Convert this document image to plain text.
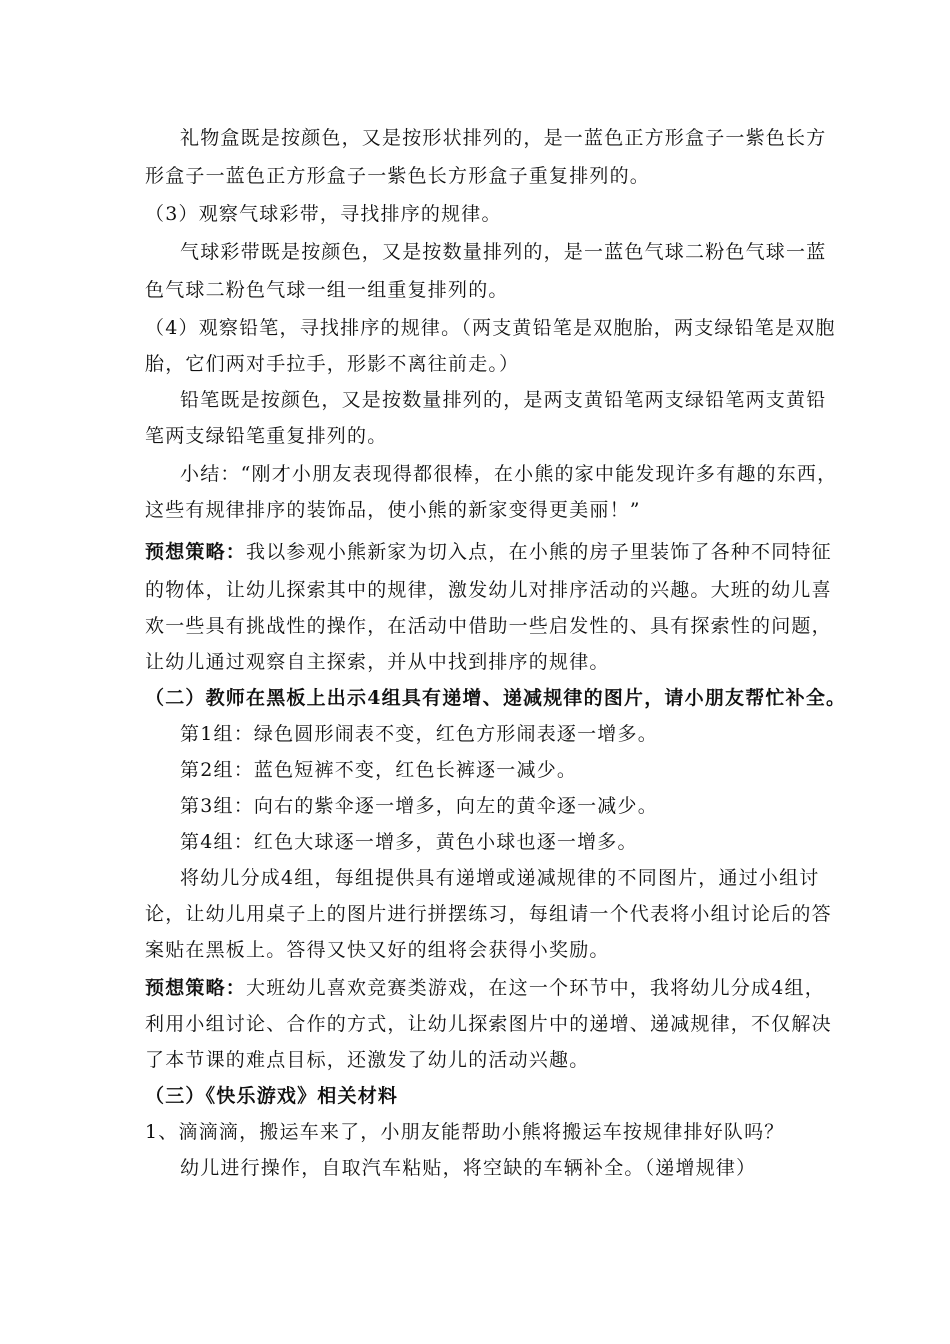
礼物盒既是按颜色，又是按形状排列的，是一蓝色正方形盒子一紫色长方
形盒子一蓝色正方形盒子一紫色长方形盒子重复排列的。
（3）观察气球彩带，寻找排序的规律。
气球彩带既是按颜色，又是按数量排列的，是一蓝色气球二粉色气球一蓝
色气球二粉色气球一组一组重复排列的。
（4）观察铅笔，寻找排序的规律。（两支黄铅笔是双胞胎，两支绿铅笔是双胞
胎，它们两对手拉手，形影不离往前走。）
铅笔既是按颜色，又是按数量排列的，是两支黄铅笔两支绿铅笔两支黄铅
笔两支绿铅笔重复排列的。
小结：“刚才小朋友表现得都很棒，在小熊的家中能发现许多有趣的东西，
这些有规律排序的装饰品，使小熊的新家变得更美丽！”
预想策略：我以参观小熊新家为切入点，在小熊的房子里装饰了各种不同特征
的物体，让幼儿探索其中的规律，激发幼儿对排序活动的兴趣。大班的幼儿喜
欢一些具有挑战性的操作，在活动中借助一些启发性的、具有探索性的问题，
让幼儿通过观察自主探索，并从中找到排序的规律。
（二）教师在黑板上出示4组具有递增、递减规律的图片，请小朋友帮忙补全。
第1组：绿色圆形闹表不变，红色方形闹表逐一增多。
第2组：蓝色短裤不变，红色长裤逐一减少。
第3组：向右的紫伞逐一增多，向左的黄伞逐一减少。
第4组：红色大球逐一增多，黄色小球也逐一增多。
将幼儿分成4组，每组提供具有递增或递减规律的不同图片，通过小组讨
论，让幼儿用桌子上的图片进行拼摆练习，每组请一个代表将小组讨论后的答
案贴在黑板上。答得又快又好的组将会获得小奖励。
预想策略：大班幼儿喜欢竞赛类游戏，在这一个环节中，我将幼儿分成4组，
利用小组讨论、合作的方式，让幼儿探索图片中的递增、递减规律，不仅解决
了本节课的难点目标，还激发了幼儿的活动兴趣。
（三）《快乐游戏》相关材料
1、滴滴滴，搬运车来了，小朋友能帮助小熊将搬运车按规律排好队吗？
幼儿进行操作，自取汽车粘贴，将空缺的车辆补全。（递增规律）
